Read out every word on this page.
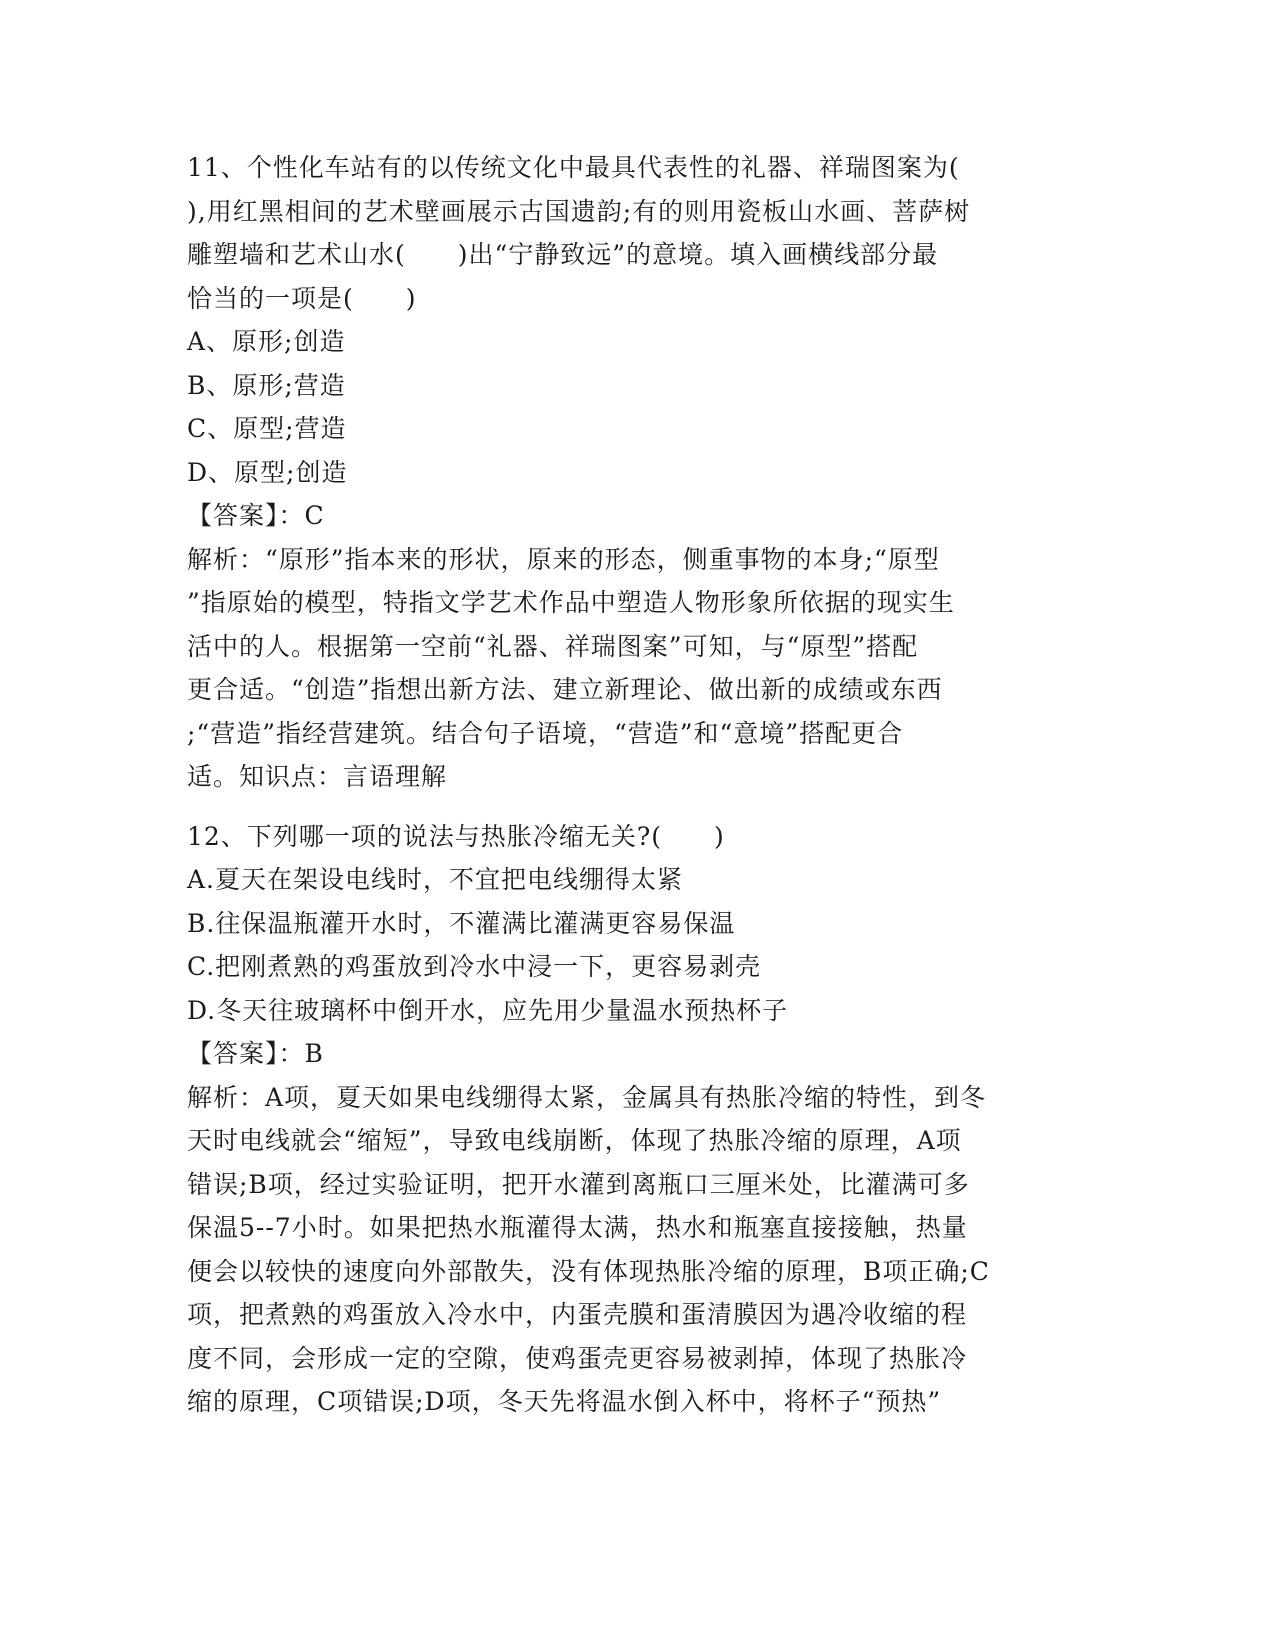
11、个性化车站有的以传统文化中最具代表性的礼器、祥瑞图案为(
),用红黑相间的艺术壁画展示古国遗韵;有的则用瓷板山水画、菩萨树
雕塑墙和艺术山水(　　)出“宁静致远”的意境。填入画横线部分最
恰当的一项是(　　)
A、原形;创造
B、原形;营造
C、原型;营造
D、原型;创造
【答案】：C
解析：“原形”指本来的形状，原来的形态，侧重事物的本身;“原型
”指原始的模型，特指文学艺术作品中塑造人物形象所依据的现实生
活中的人。根据第一空前“礼器、祥瑞图案”可知，与“原型”搭配
更合适。“创造”指想出新方法、建立新理论、做出新的成绩或东西
;“营造”指经营建筑。结合句子语境，“营造”和“意境”搭配更合
适。知识点：言语理解
12、下列哪一项的说法与热胀冷缩无关?(　　)
A.夏天在架设电线时，不宜把电线绷得太紧
B.往保温瓶灌开水时，不灌满比灌满更容易保温
C.把刚煮熟的鸡蛋放到冷水中浸一下，更容易剥壳
D.冬天往玻璃杯中倒开水，应先用少量温水预热杯子
【答案】：B
解析：A项，夏天如果电线绷得太紧，金属具有热胀冷缩的特性，到冬
天时电线就会“缩短”，导致电线崩断，体现了热胀冷缩的原理，A项
错误;B项，经过实验证明，把开水灌到离瓶口三厘米处，比灌满可多
保温5--7小时。如果把热水瓶灌得太满，热水和瓶塞直接接触，热量
便会以较快的速度向外部散失，没有体现热胀冷缩的原理，B项正确;C
项，把煮熟的鸡蛋放入冷水中，内蛋壳膜和蛋清膜因为遇冷收缩的程
度不同，会形成一定的空隙，使鸡蛋壳更容易被剥掉，体现了热胀冷
缩的原理，C项错误;D项，冬天先将温水倒入杯中，将杯子“预热”
